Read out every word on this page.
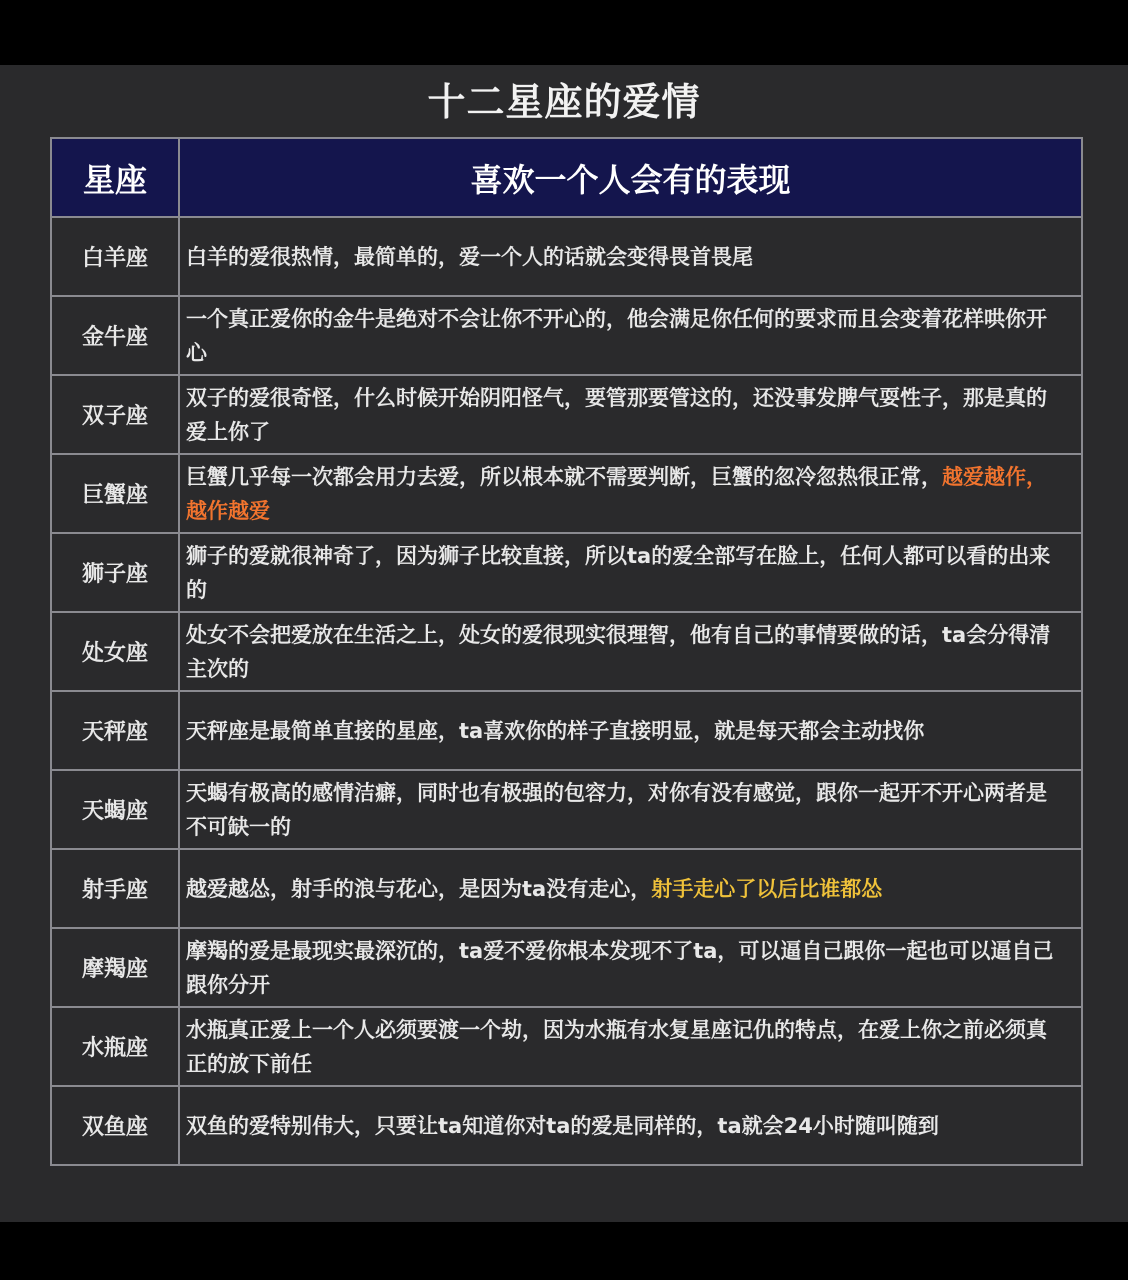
十二星座的爱情
星座	喜欢一个人会有的表现
白羊座	白羊的爱很热情，最简单的，爱一个人的话就会变得畏首畏尾
金牛座	一个真正爱你的金牛是绝对不会让你不开心的，他会满足你任何的要求而且会变着花样哄你开心
双子座	双子的爱很奇怪，什么时候开始阴阳怪气，要管那要管这的，还没事发脾气耍性子，那是真的爱上你了
巨蟹座	巨蟹几乎每一次都会用力去爱，所以根本就不需要判断，巨蟹的忽冷忽热很正常，越爱越作，越作越爱
狮子座	狮子的爱就很神奇了，因为狮子比较直接，所以ta的爱全部写在脸上，任何人都可以看的出来的
处女座	处女不会把爱放在生活之上，处女的爱很现实很理智，他有自己的事情要做的话，ta会分得清主次的
天秤座	天秤座是最简单直接的星座，ta喜欢你的样子直接明显，就是每天都会主动找你
天蝎座	天蝎有极高的感情洁癖，同时也有极强的包容力，对你有没有感觉，跟你一起开不开心两者是不可缺一的
射手座	越爱越怂，射手的浪与花心，是因为ta没有走心，射手走心了以后比谁都怂
摩羯座	摩羯的爱是最现实最深沉的，ta爱不爱你根本发现不了ta，可以逼自己跟你一起也可以逼自己跟你分开
水瓶座	水瓶真正爱上一个人必须要渡一个劫，因为水瓶有水复星座记仇的特点，在爱上你之前必须真正的放下前任
双鱼座	双鱼的爱特别伟大，只要让ta知道你对ta的爱是同样的，ta就会24小时随叫随到
